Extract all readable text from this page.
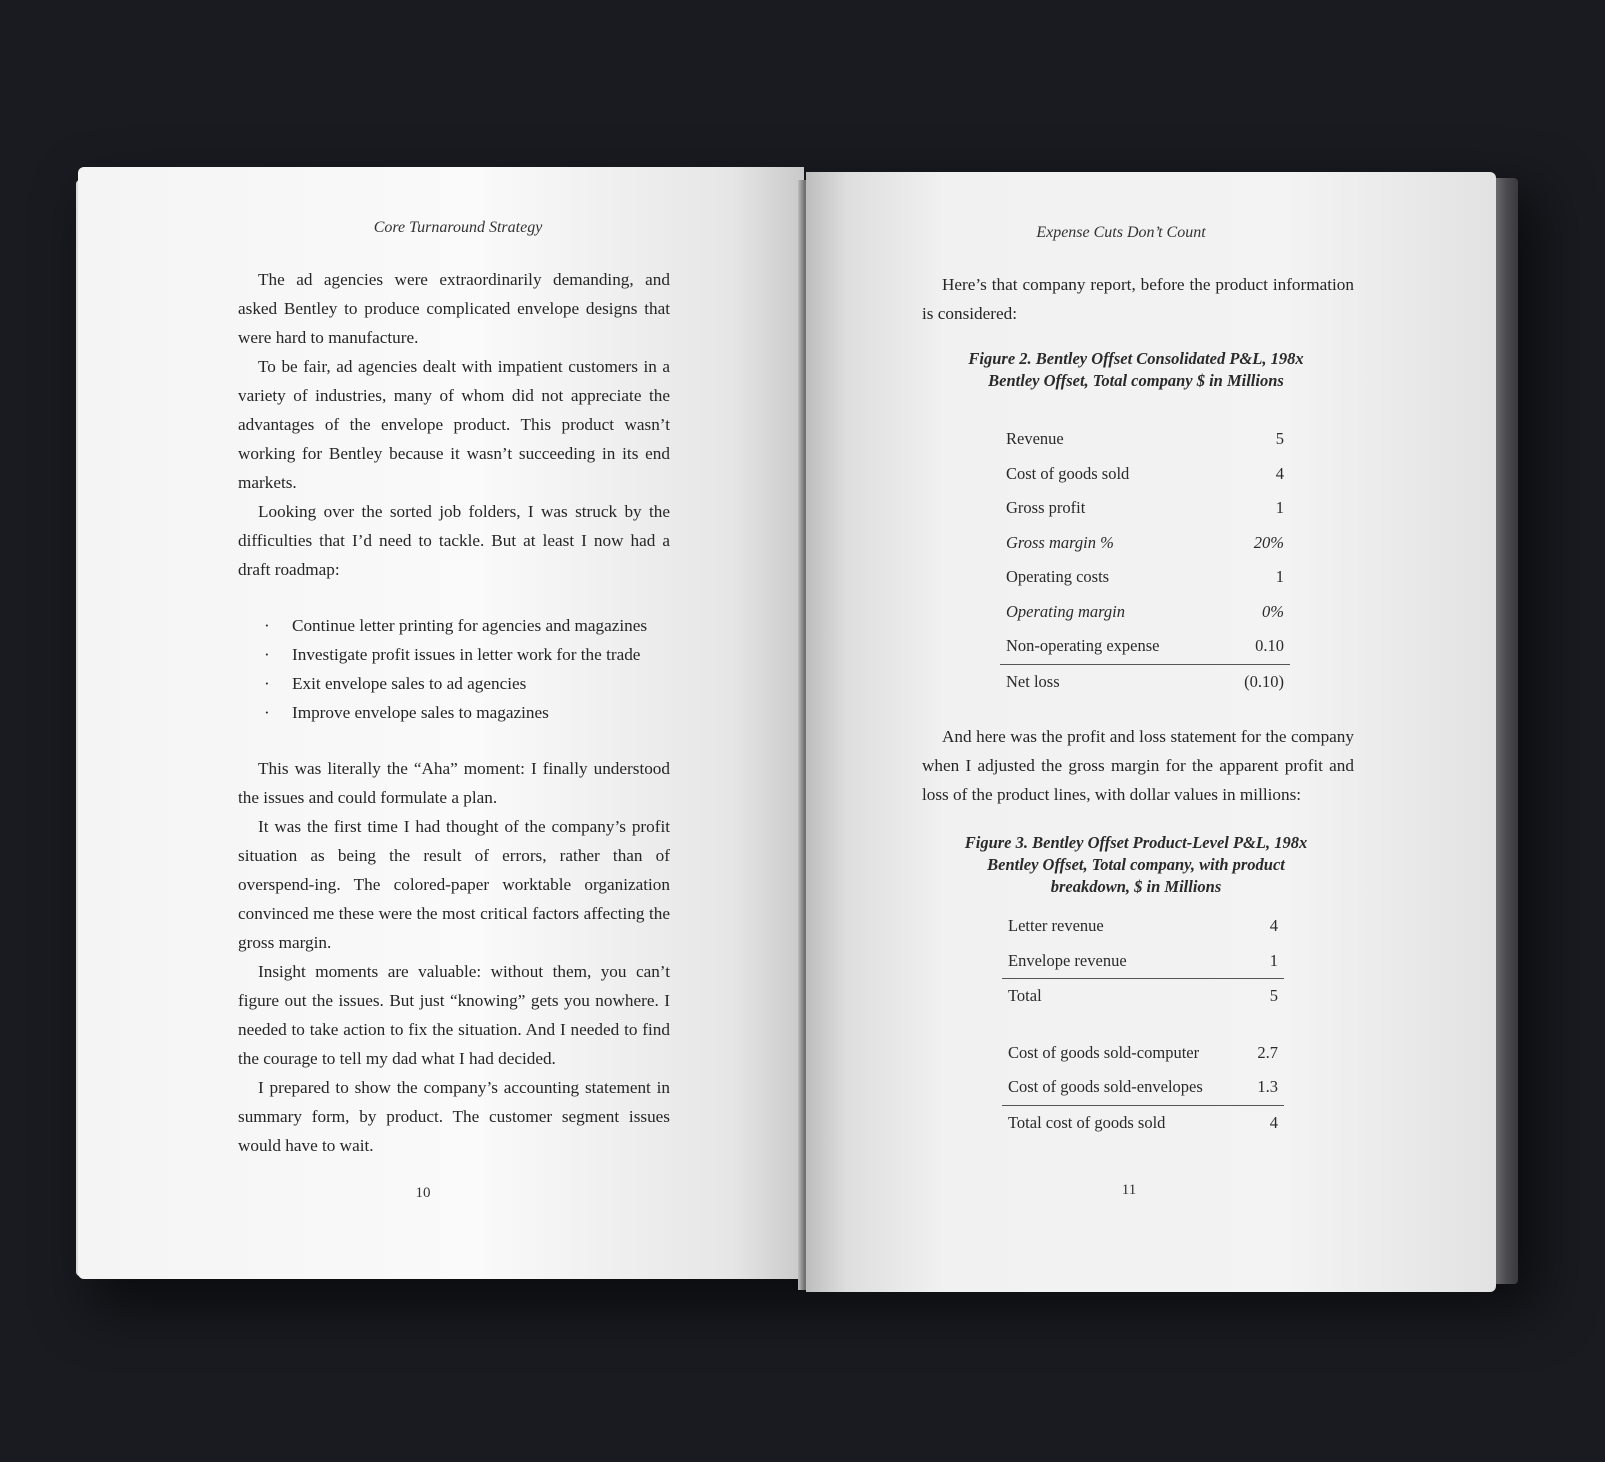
Core Turnaround Strategy

The ad agencies were extraordinarily demanding, and asked Bentley to produce complicated envelope designs that were hard to manufacture.

To be fair, ad agencies dealt with impatient customers in a variety of industries, many of whom did not appreciate the advantages of the envelope product. This product wasn’t working for Bentley because it wasn’t succeeding in its end markets.

Looking over the sorted job folders, I was struck by the difficulties that I’d need to tackle. But at least I now had a draft roadmap:

· Continue letter printing for agencies and magazines
· Investigate profit issues in letter work for the trade
· Exit envelope sales to ad agencies
· Improve envelope sales to magazines

This was literally the “Aha” moment: I finally understood the issues and could formulate a plan.

It was the first time I had thought of the company’s profit situation as being the result of errors, rather than of overspend-ing. The colored-paper worktable organization convinced me these were the most critical factors affecting the gross margin.

Insight moments are valuable: without them, you can’t figure out the issues. But just “knowing” gets you nowhere. I needed to take action to fix the situation. And I needed to find the courage to tell my dad what I had decided.

I prepared to show the company’s accounting statement in summary form, by product. The customer segment issues would have to wait.

10
Expense Cuts Don’t Count

Here’s that company report, before the product information is considered:

Figure 2. Bentley Offset Consolidated P&L, 198x
Bentley Offset, Total company $ in Millions
Revenue	5
Cost of goods sold	4
Gross profit	1
Gross margin %	20%
Operating costs	1
Operating margin	0%
Non-operating expense	0.10
Net loss	(0.10)

And here was the profit and loss statement for the company when I adjusted the gross margin for the apparent profit and loss of the product lines, with dollar values in millions:

Figure 3. Bentley Offset Product-Level P&L, 198x
Bentley Offset, Total company, with product
breakdown, $ in Millions
Letter revenue	4
Envelope revenue	1
Total	5
Cost of goods sold-computer	2.7
Cost of goods sold-envelopes	1.3
Total cost of goods sold	4
11
